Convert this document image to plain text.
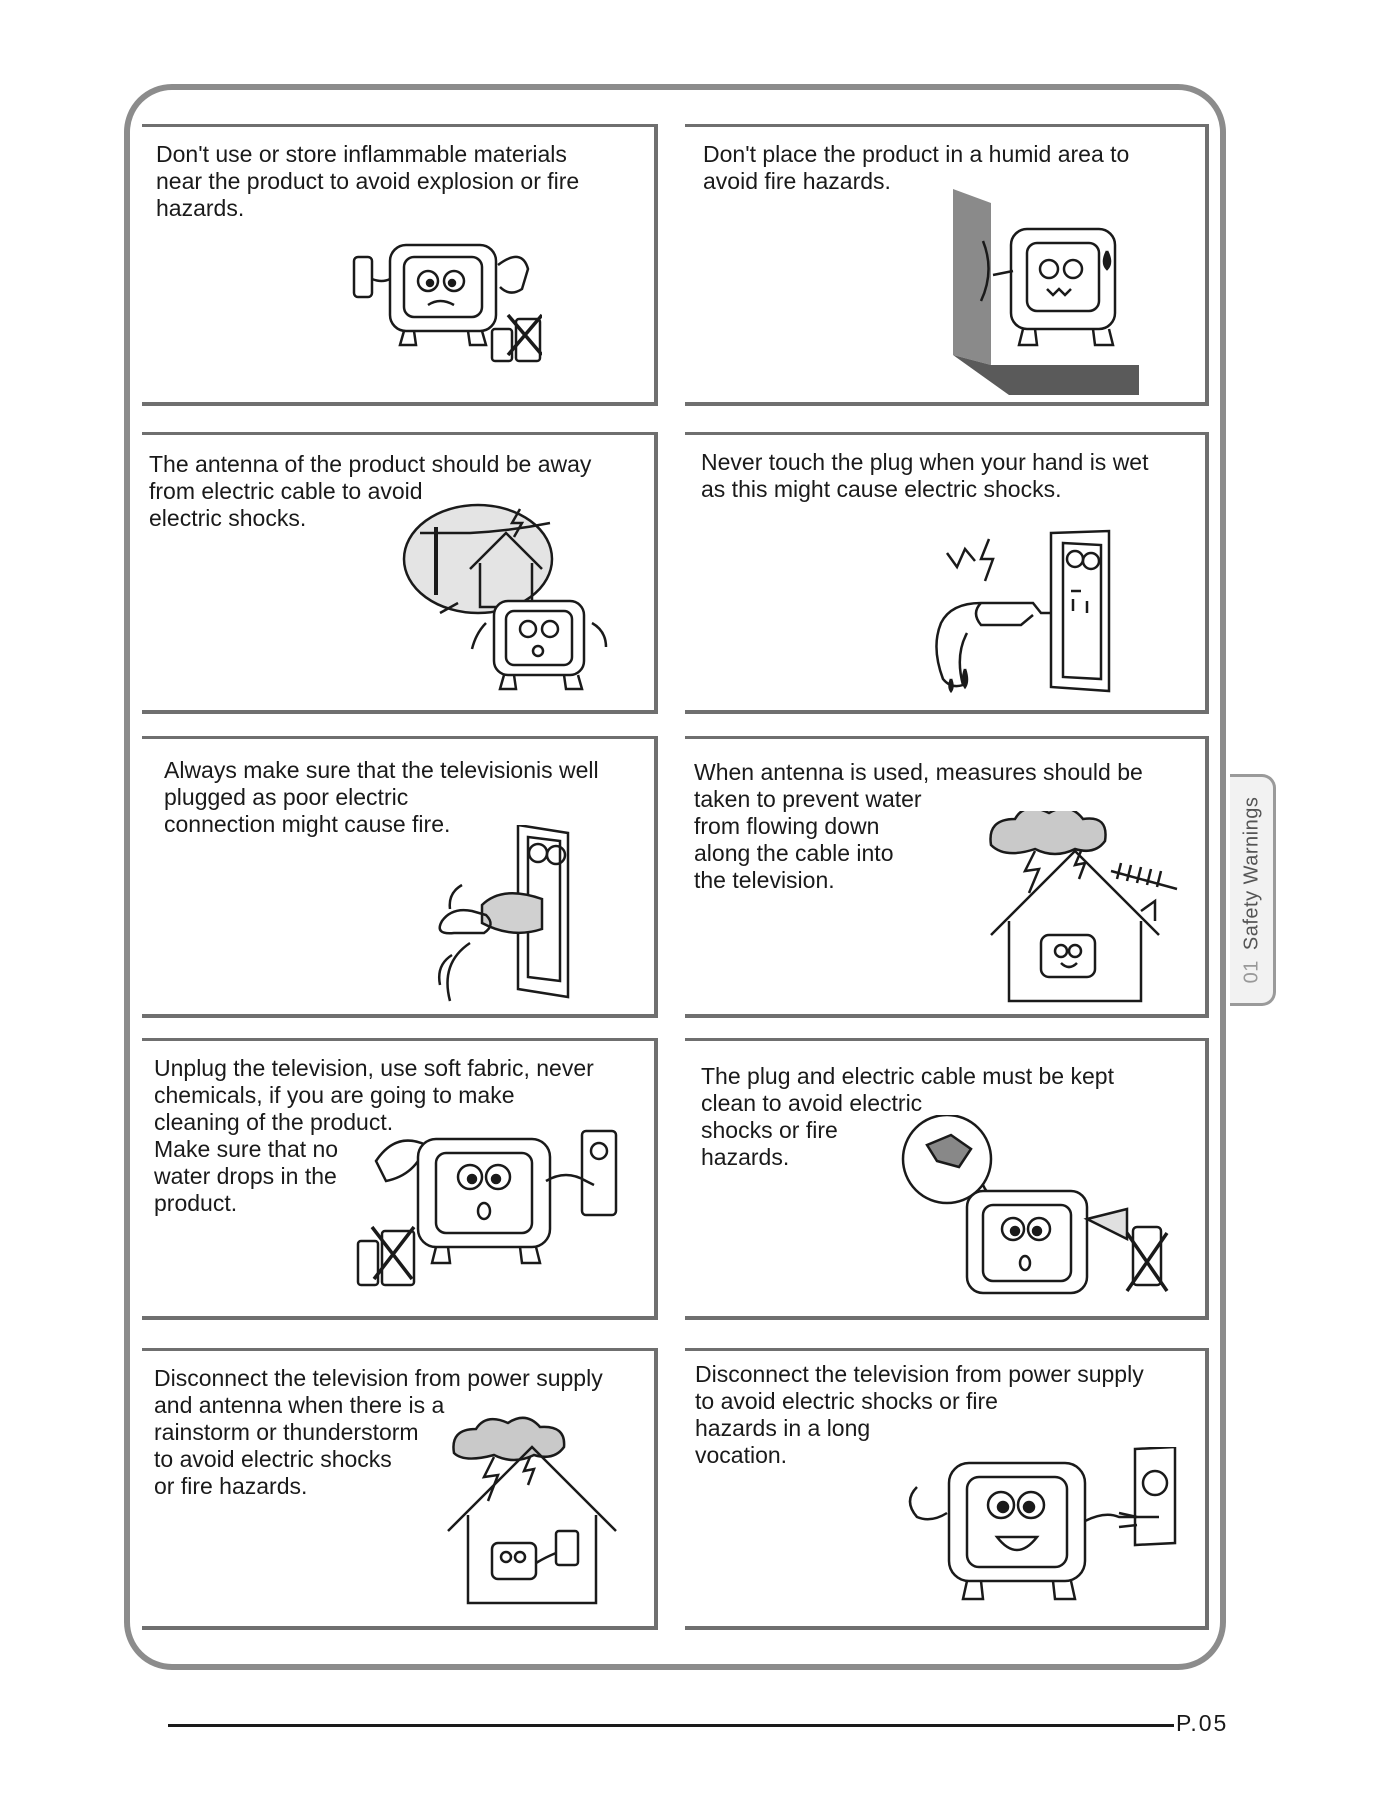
Don't use or store inflammable materials
near the product to avoid explosion or fire
hazards.

Don't place the product in a humid area to
avoid fire hazards.

The antenna of the product should be away
from electric cable to avoid
electric shocks.

Never touch the plug when your hand is wet
as this might cause electric shocks.

Always make sure that the televisionis well
plugged as poor electric
connection might cause fire.

When antenna is used, measures should be
taken to prevent water
from flowing down
along the cable into
the television.

Unplug the television, use soft fabric, never
chemicals, if you are going to make
cleaning of the product.
Make sure that no
water drops in the
product.

The plug and electric cable must be kept
clean to avoid electric
shocks or fire
hazards.

Disconnect the television from power supply
and antenna when there is a
rainstorm or thunderstorm
to avoid electric shocks
or fire hazards.

Disconnect the television from power supply
to avoid electric shocks or fire
hazards in a long
vocation.

01Safety Warnings
P.05
